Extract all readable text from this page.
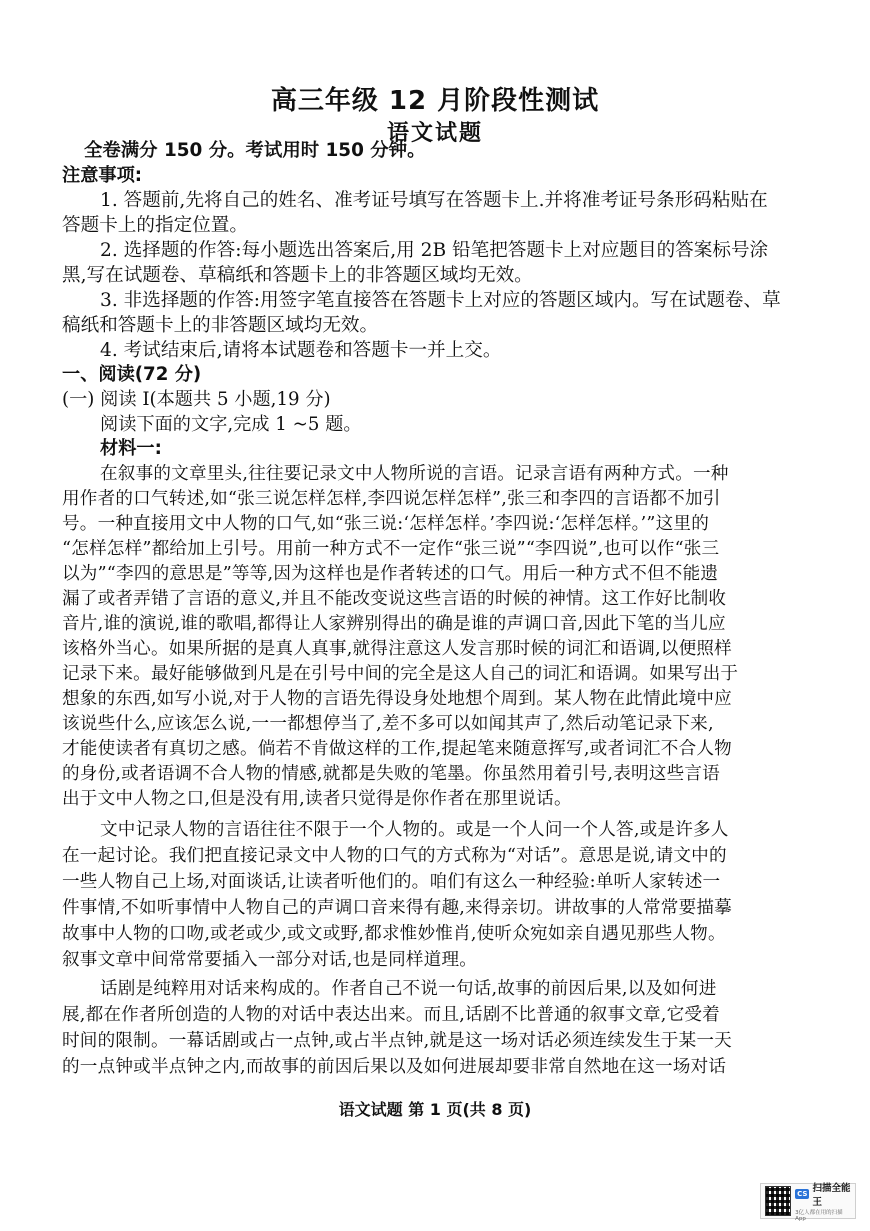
高三年级 12 月阶段性测试
语文试题
全卷满分 150 分。考试用时 150 分钟。
注意事项:
1. 答题前,先将自己的姓名、准考证号填写在答题卡上.并将准考证号条形码粘贴在
答题卡上的指定位置。
2. 选择题的作答:每小题选出答案后,用 2B 铅笔把答题卡上对应题目的答案标号涂
黑,写在试题卷、草稿纸和答题卡上的非答题区域均无效。
3. 非选择题的作答:用签字笔直接答在答题卡上对应的答题区域内。写在试题卷、草
稿纸和答题卡上的非答题区域均无效。
4. 考试结束后,请将本试题卷和答题卡一并上交。
一、阅读(72 分)
(一) 阅读 Ⅰ(本题共 5 小题,19 分)
阅读下面的文字,完成 1 ~5 题。
材料一:
在叙事的文章里头,往往要记录文中人物所说的言语。记录言语有两种方式。一种
用作者的口气转述,如“张三说怎样怎样,李四说怎样怎样”,张三和李四的言语都不加引
号。一种直接用文中人物的口气,如“张三说:‘怎样怎样。’李四说:‘怎样怎样。’”这里的
“怎样怎样”都给加上引号。用前一种方式不一定作“张三说”“李四说”,也可以作“张三
以为”“李四的意思是”等等,因为这样也是作者转述的口气。用后一种方式不但不能遗
漏了或者弄错了言语的意义,并且不能改变说这些言语的时候的神情。这工作好比制收
音片,谁的演说,谁的歌唱,都得让人家辨别得出的确是谁的声调口音,因此下笔的当儿应
该格外当心。如果所据的是真人真事,就得注意这人发言那时候的词汇和语调,以便照样
记录下来。最好能够做到凡是在引号中间的完全是这人自己的词汇和语调。如果写出于
想象的东西,如写小说,对于人物的言语先得设身处地想个周到。某人物在此情此境中应
该说些什么,应该怎么说,一一都想停当了,差不多可以如闻其声了,然后动笔记录下来,
才能使读者有真切之感。倘若不肯做这样的工作,提起笔来随意挥写,或者词汇不合人物
的身份,或者语调不合人物的情感,就都是失败的笔墨。你虽然用着引号,表明这些言语
出于文中人物之口,但是没有用,读者只觉得是你作者在那里说话。
文中记录人物的言语往往不限于一个人物的。或是一个人问一个人答,或是许多人
在一起讨论。我们把直接记录文中人物的口气的方式称为“对话”。意思是说,请文中的
一些人物自己上场,对面谈话,让读者听他们的。咱们有这么一种经验:单听人家转述一
件事情,不如听事情中人物自己的声调口音来得有趣,来得亲切。讲故事的人常常要描摹
故事中人物的口吻,或老或少,或文或野,都求惟妙惟肖,使听众宛如亲自遇见那些人物。
叙事文章中间常常要插入一部分对话,也是同样道理。
话剧是纯粹用对话来构成的。作者自己不说一句话,故事的前因后果,以及如何进
展,都在作者所创造的人物的对话中表达出来。而且,话剧不比普通的叙事文章,它受着
时间的限制。一幕话剧或占一点钟,或占半点钟,就是这一场对话必须连续发生于某一天
的一点钟或半点钟之内,而故事的前因后果以及如何进展却要非常自然地在这一场对话
语文试题 第 1 页(共 8 页)
CS 扫描全能王
3亿人都在用的扫描App
